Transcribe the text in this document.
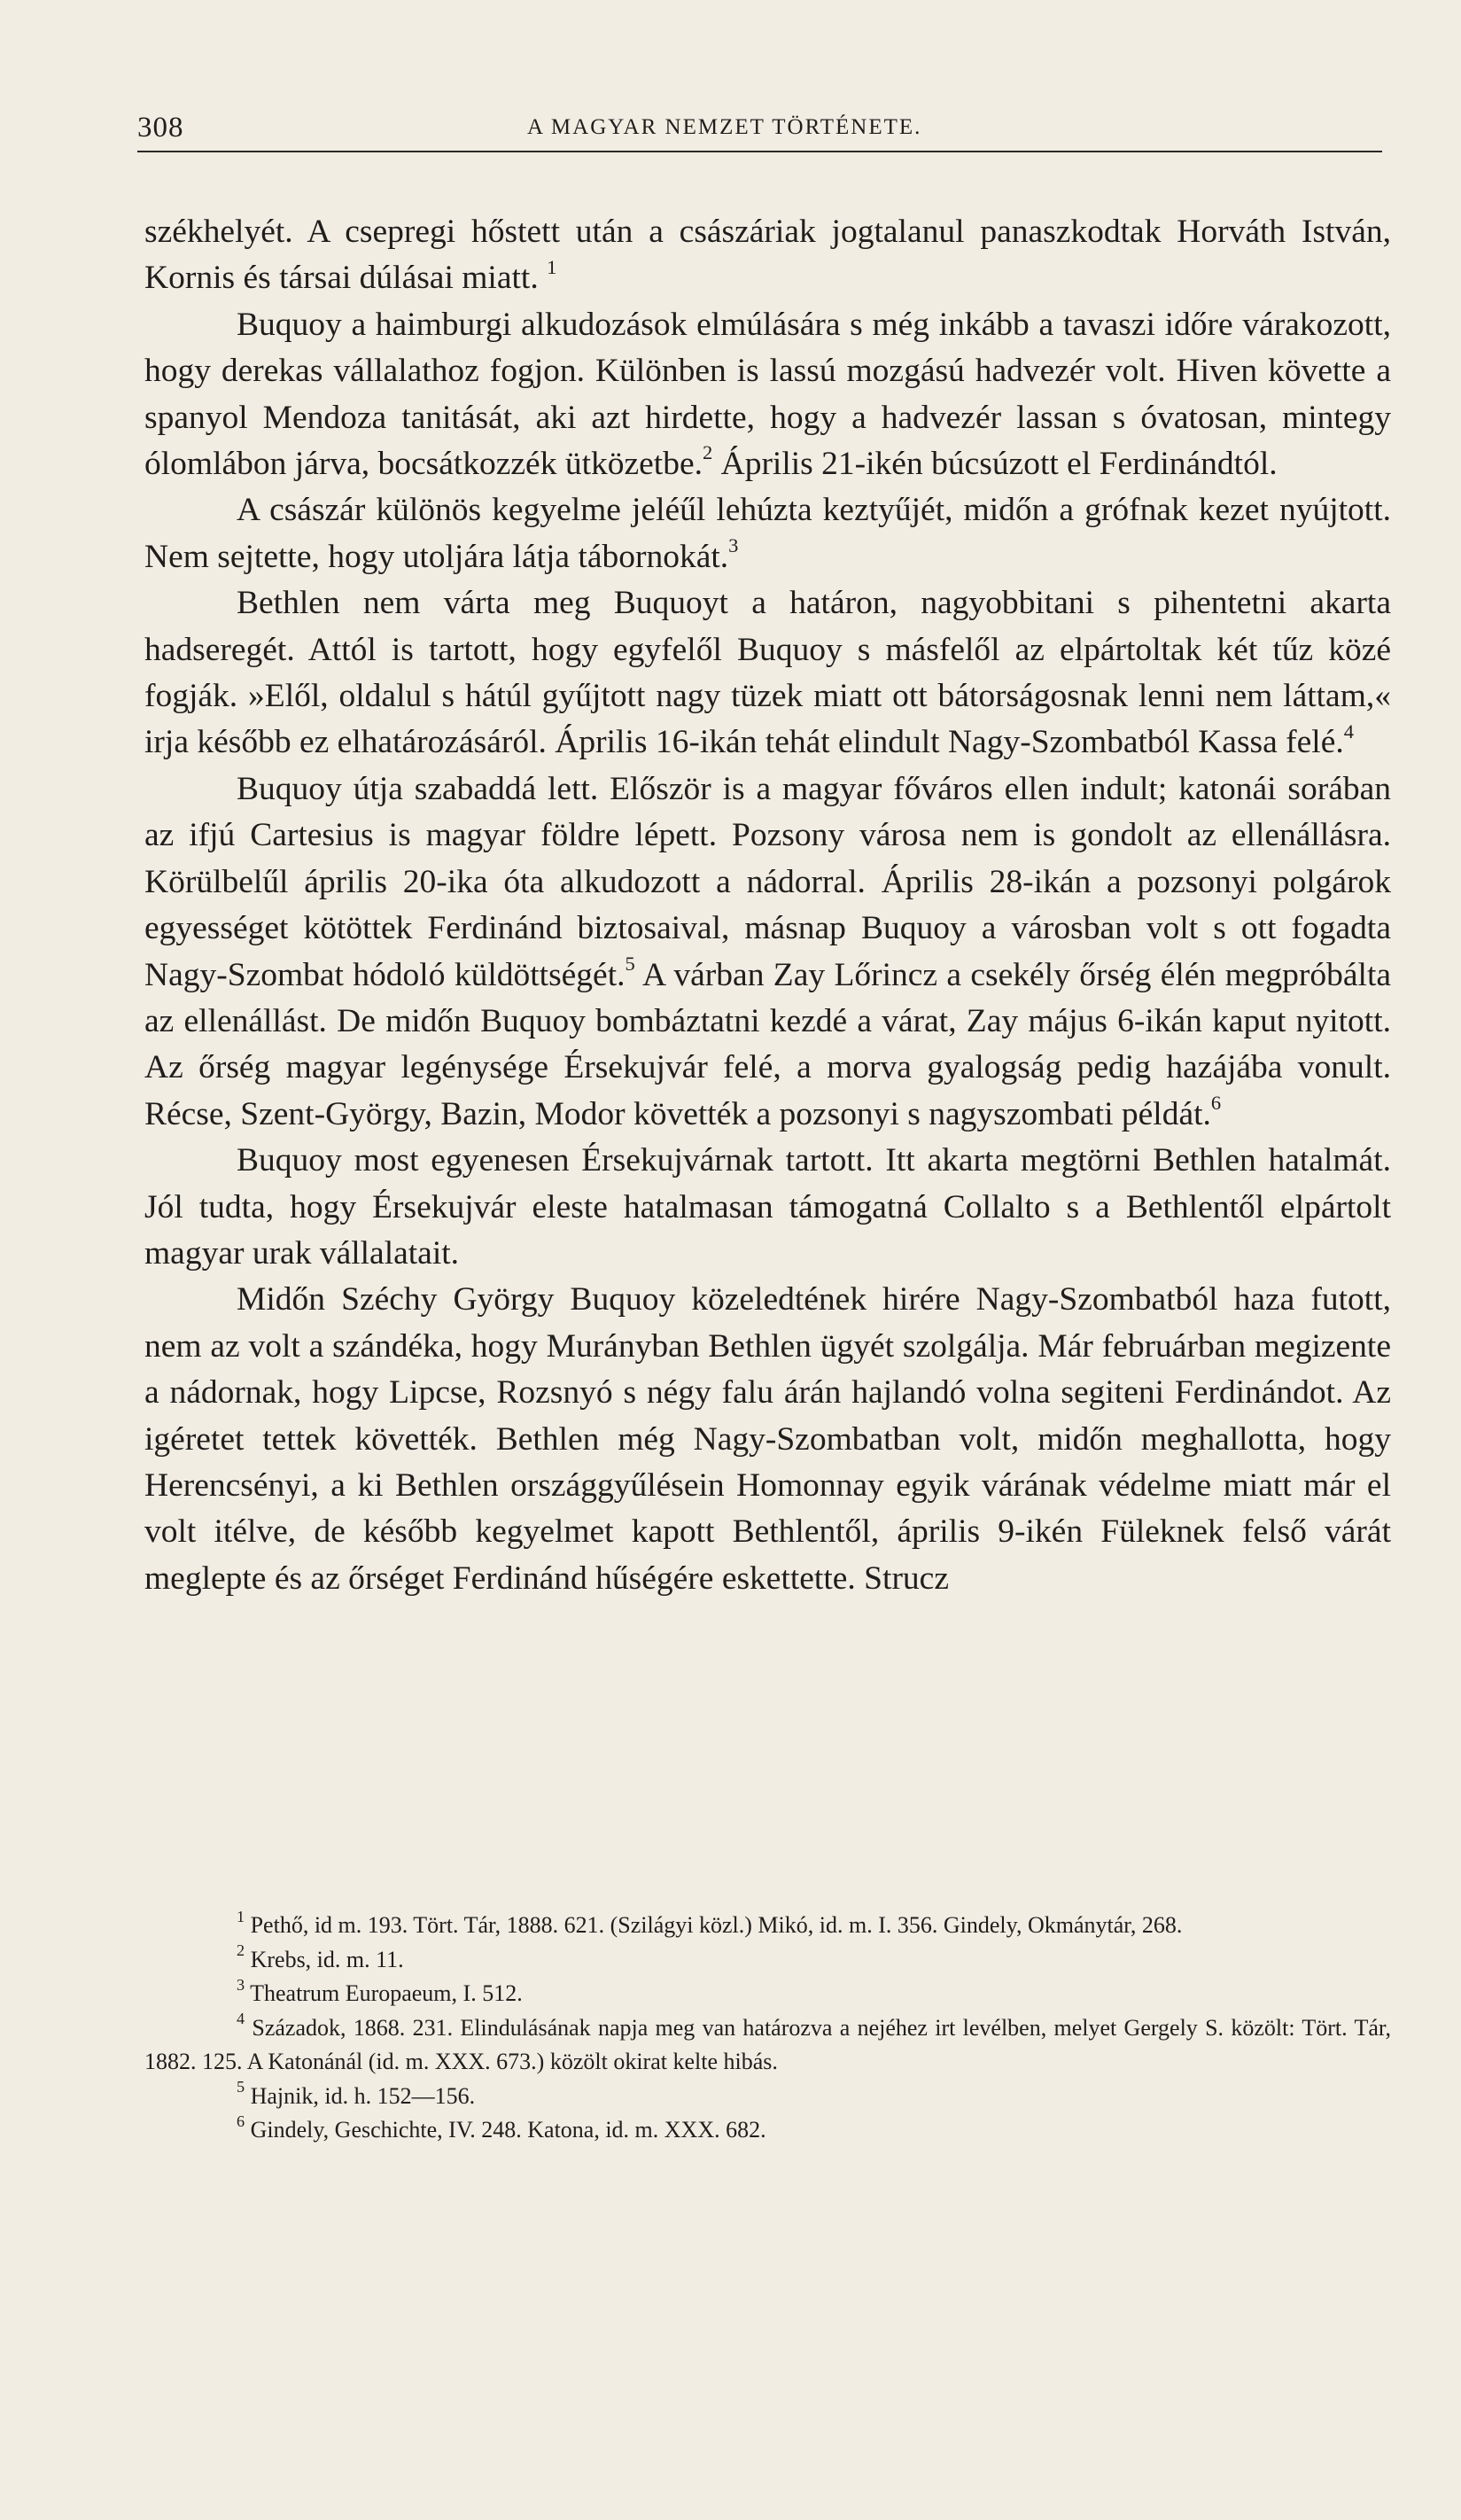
308	A MAGYAR NEMZET TÖRTÉNETE.

székhelyét. A csepregi hőstett után a császáriak jogtalanul panaszkodtak Horváth István, Kornis és társai dúlásai miatt. $^1$

Buquoy a haimburgi alkudozások elmúlására s még inkább a tavaszi időre várakozott, hogy derekas vállalathoz fogjon. Különben is lassú mozgású hadvezér volt. Hiven követte a spanyol Mendoza tanitását, aki azt hirdette, hogy a hadvezér lassan s óvatosan, mintegy ólomlábon járva, bocsátkozzék ütközetbe.$^2$ Április 21-ikén búcsúzott el Ferdinándtól.

A császár különös kegyelme jeléűl lehúzta keztyűjét, midőn a grófnak kezet nyújtott. Nem sejtette, hogy utoljára látja tábornokát.$^3$

Bethlen nem várta meg Buquoyt a határon, nagyobbitani s pihentetni akarta hadseregét. Attól is tartott, hogy egyfelől Buquoy s másfelől az elpártoltak két tűz közé fogják. »Elől, oldalul s hátúl gyűjtott nagy tüzek miatt ott bátorságosnak lenni nem láttam,« irja később ez elhatározásáról. Április 16-ikán tehát elindult Nagy-Szombatból Kassa felé.$^4$

Buquoy útja szabaddá lett. Először is a magyar főváros ellen indult; katonái sorában az ifjú Cartesius is magyar földre lépett. Pozsony városa nem is gondolt az ellenállásra. Körülbelűl április 20-ika óta alkudozott a nádorral. Április 28-ikán a pozsonyi polgárok egyességet kötöttek Ferdinánd biztosaival, másnap Buquoy a városban volt s ott fogadta Nagy-Szombat hódoló küldöttségét.$^5$ A várban Zay Lőrincz a csekély őrség élén megpróbálta az ellenállást. De midőn Buquoy bombáztatni kezdé a várat, Zay május 6-ikán kaput nyitott. Az őrség magyar legénysége Érsekujvár felé, a morva gyalogság pedig hazájába vonult. Récse, Szent-György, Bazin, Modor követték a pozsonyi s nagyszombati példát.$^6$

Buquoy most egyenesen Érsekujvárnak tartott. Itt akarta megtörni Bethlen hatalmát. Jól tudta, hogy Érsekujvár eleste hatalmasan támogatná Collalto s a Bethlentől elpártolt magyar urak vállalatait.

Midőn Széchy György Buquoy közeledtének hirére Nagy-Szombatból haza futott, nem az volt a szándéka, hogy Murányban Bethlen ügyét szolgálja. Már februárban megizente a nádornak, hogy Lipcse, Rozsnyó s négy falu árán hajlandó volna segiteni Ferdinándot. Az igéretet tettek követték. Bethlen még Nagy-Szombatban volt, midőn meghallotta, hogy Herencsényi, a ki Bethlen országgyűlésein Homonnay egyik várának védelme miatt már el volt itélve, de később kegyelmet kapott Bethlentől, április 9-ikén Füleknek felső várát meglepte és az őrséget Ferdinánd hűségére eskettette. Strucz

$^1$ Pethő, id m. 193. Tört. Tár, 1888. 621. (Szilágyi közl.) Mikó, id. m. I. 356. Gindely, Okmánytár, 268.

$^2$ Krebs, id. m. 11.

$^3$ Theatrum Europaeum, I. 512.

$^4$ Századok, 1868. 231. Elindulásának napja meg van határozva a nejéhez irt levélben, melyet Gergely S. közölt: Tört. Tár, 1882. 125. A Katonánál (id. m. XXX. 673.) közölt okirat kelte hibás.

$^5$ Hajnik, id. h. 152—156.

$^6$ Gindely, Geschichte, IV. 248. Katona, id. m. XXX. 682.
